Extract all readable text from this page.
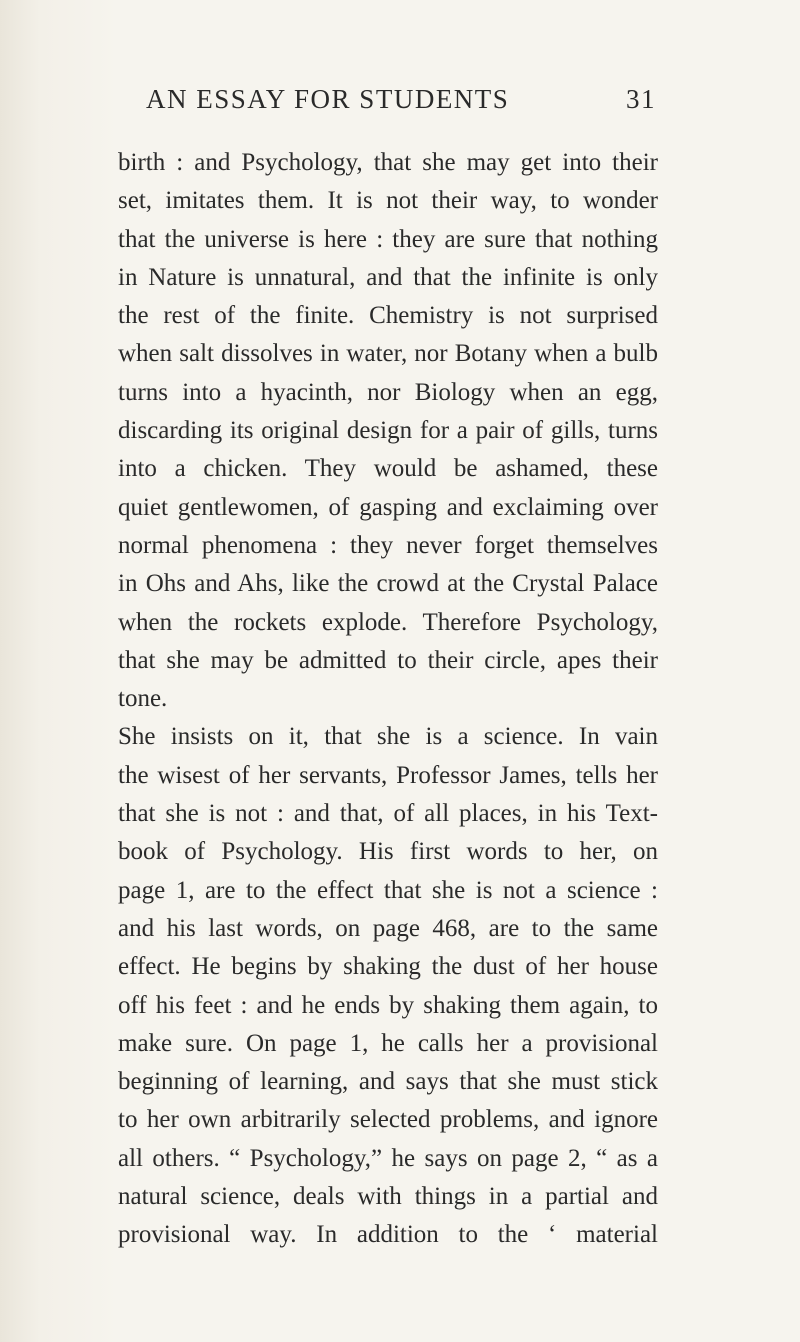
AN ESSAY FOR STUDENTS	31
birth : and Psychology, that she may get into their
set, imitates them. It is not their way, to wonder
that the universe is here : they are sure that nothing
in Nature is unnatural, and that the infinite is only
the rest of the finite. Chemistry is not surprised
when salt dissolves in water, nor Botany when a bulb
turns into a hyacinth, nor Biology when an egg,
discarding its original design for a pair of gills, turns
into a chicken. They would be ashamed, these
quiet gentlewomen, of gasping and exclaiming over
normal phenomena : they never forget themselves
in Ohs and Ahs, like the crowd at the Crystal Palace
when the rockets explode. Therefore Psychology,
that she may be admitted to their circle, apes their
tone.
She insists on it, that she is a science. In vain
the wisest of her servants, Professor James, tells her
that she is not : and that, of all places, in his Text-
book of Psychology. His first words to her, on
page 1, are to the effect that she is not a science :
and his last words, on page 468, are to the same
effect. He begins by shaking the dust of her house
off his feet : and he ends by shaking them again, to
make sure. On page 1, he calls her a provisional
beginning of learning, and says that she must stick
to her own arbitrarily selected problems, and ignore
all others. “ Psychology,” he says on page 2, “ as a
natural science, deals with things in a partial and
provisional way. In addition to the ‘ material
